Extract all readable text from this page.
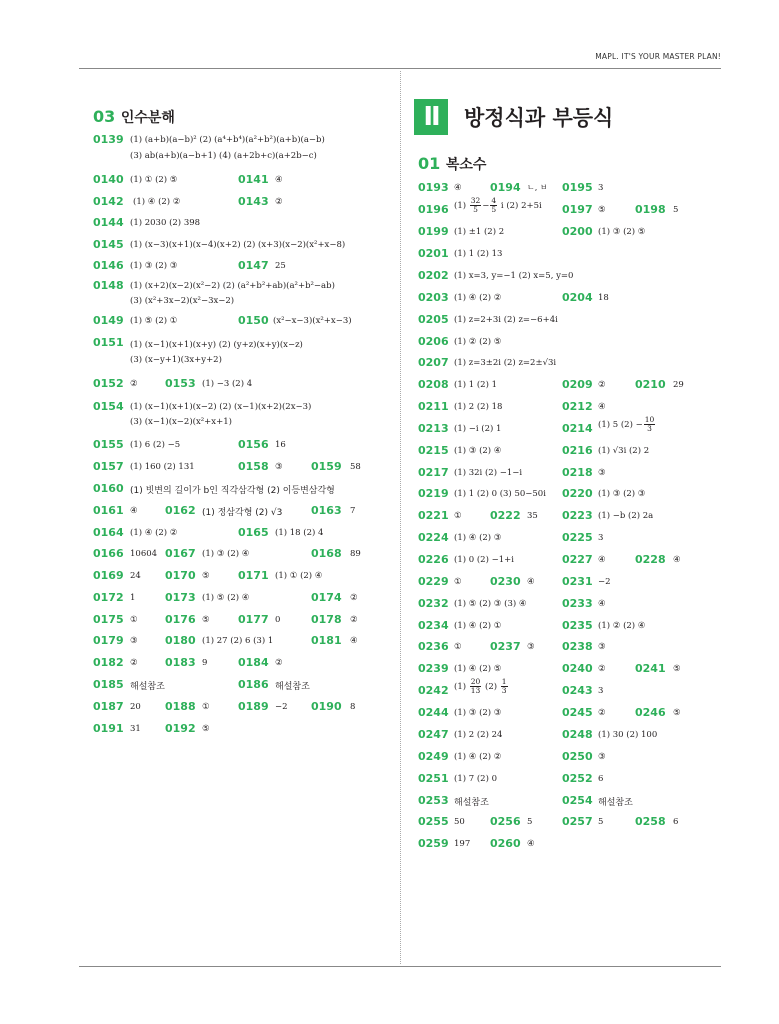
MAPL. IT'S YOUR MASTER PLAN!
03 인수분해	II	방정식과 부등식
01 복소수
0139 (1) (a+b)(a−b)² (2) (a⁴+b⁴)(a²+b²)(a+b)(a−b)
(3) ab(a+b)(a−b+1) (4) (a+2b+c)(a+2b−c)
0140 (1) ① (2) ⑤	0141 ④
0142 (1) ④ (2) ②	0143 ②
0144 (1) 2030 (2) 398
0145 (1) (x−3)(x+1)(x−4)(x+2) (2) (x+3)(x−2)(x²+x−8)
0146 (1) ③ (2) ③	0147 25
0148 (1) (x+2)(x−2)(x²−2) (2) (a²+b²+ab)(a²+b²−ab)
(3) (x²+3x−2)(x²−3x−2)
0149 (1) ⑤ (2) ①	0150 (x²−x−3)(x²+x−3)
0151 (1) (x−1)(x+1)(x+y) (2) (y+z)(x+y)(x−z)
(3) (x−y+1)(3x+y+2)
0152 ② 0153 (1) −3 (2) 4
0154 (1) (x−1)(x+1)(x−2) (2) (x−1)(x+2)(2x−3)
(3) (x−1)(x−2)(x²+x+1)
0155 (1) 6 (2) −5	0156 16
0157 (1) 160 (2) 131	0158 ③	0159 58
0160 (1) 빗변의 길이가 b인 직각삼각형 (2) 이등변삼각형
0161 ④ 0162 (1) 정삼각형 (2) √3	0163 7
0164 (1) ④ (2) ②	0165 (1) 18 (2) 4
0166 10604 0167 (1) ③ (2) ④	0168 89
0169 24 0170 ⑤	0171 (1) ① (2) ④
0172 1	0173 (1) ⑤ (2) ④	0174 ②
0175 ① 0176 ⑤	0177 0	0178 ②
0179 ③ 0180 (1) 27 (2) 6 (3) 1	0181 ④
0182 ② 0183 9	0184 ②
0185 해설참조	0186 해설참조
0187 20 0188 ①	0189 −2 0190 8
0191 31 0192 ⑤
0193 ④	0194 ㄴ, ㅂ 0195 3
0196 $(1) \frac{32}{5} - \frac{4}{5}$ i (2) 2+5i 0197 ⑤	0198 5
0199 (1) ±1 (2) 2	0200 (1) ③ (2) ⑤
0201 (1) 1 (2) 13
0202 (1) x=3, y=−1 (2) x=5, y=0
0203 (1) ④ (2) ②	0204 18
0205 (1) z=2+3i (2) z=−6+4i
0206 (1) ② (2) ⑤
0207 (1) z=3±2i (2) z=2±√3i
0208 (1) 1 (2) 1	0209 ②	0210 29
0211 (1) 2 (2) 18	0212 ④
0213 (1) −i (2) 1	0214 (1) 5 $(2) - \frac{10}{3}$
0215 (1) ③ (2) ④	0216 (1) √3i (2) 2
0217 (1) 32i (2) −1−i	0218 ③
0219 (1) 1 (2) 0 (3) 50−50i 0220 (1) ③ (2) ③
0221 ①	0222 35 0223 (1) −b (2) 2a
0224 (1) ④ (2) ③	0225 3
0226 (1) 0 (2) −1+i	0227 ④	0228 ④
0229 ①	0230 ④ 0231 −2
0232 (1) ⑤ (2) ③ (3) ④	0233 ④
0234 (1) ④ (2) ①	0235 (1) ② (2) ④
0236 ①	0237 ③ 0238 ③
0239 (1) ④ (2) ⑤	0240 ②	0241 ⑤
0242 $(1) \frac{20}{13} (2) \frac{1}{3}$	0243 3
0244 (1) ③ (2) ③	0245 ②	0246 ⑤
0247 (1) 2 (2) 24	0248 (1) 30 (2) 100
0249 (1) ④ (2) ②	0250 ③
0251 (1) 7 (2) 0	0252 6
0253 해설참조	0254 해설참조
0255 50 0256 5	0257 5	0258 6
0259 197 0260 ④
